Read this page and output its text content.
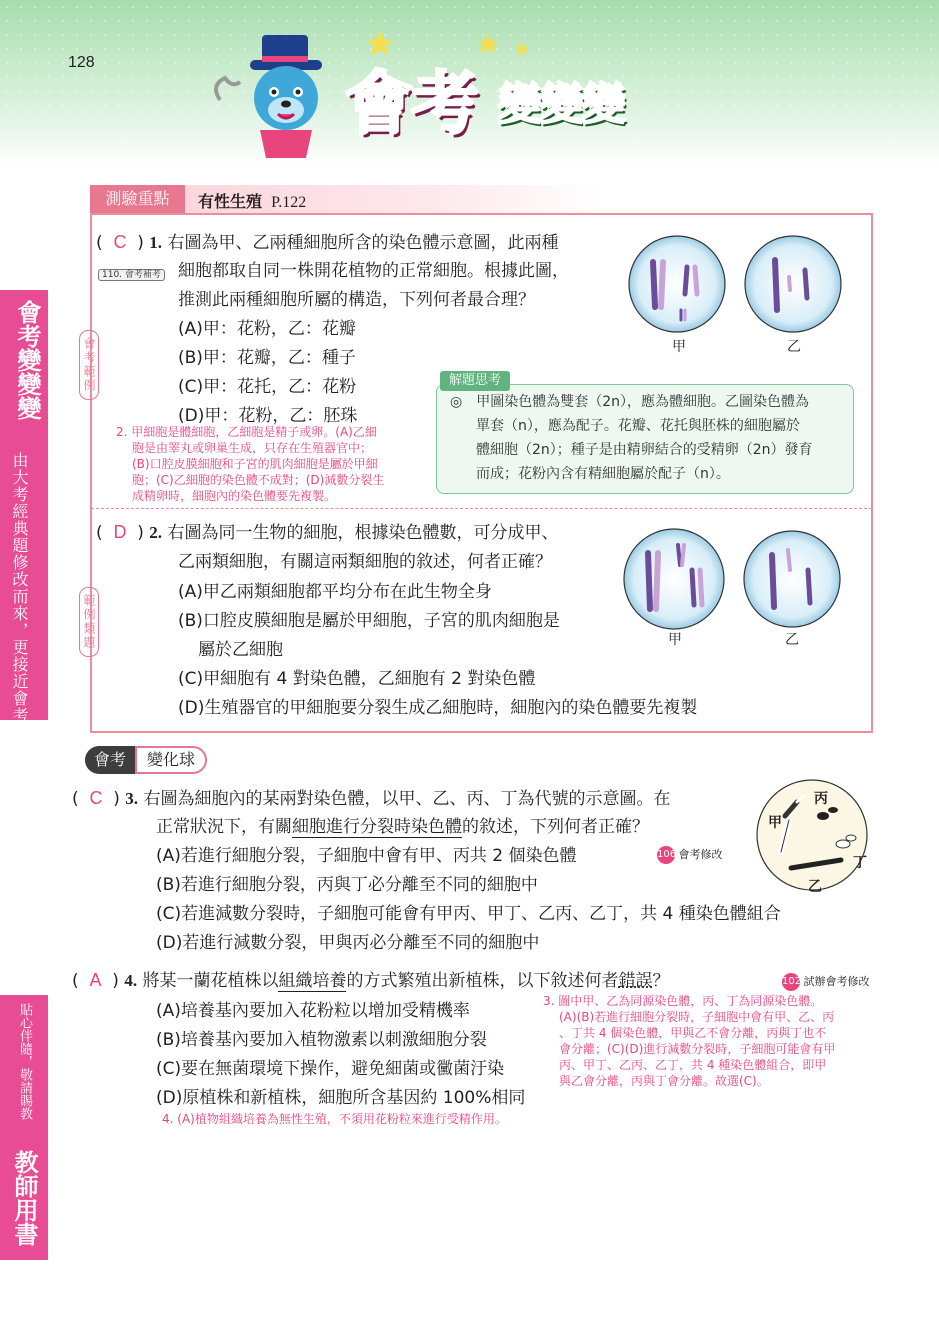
128
會考 變變變
會考變變變
由大考經典題修改而來，更接近會考趨勢
貼心伴隨，敬請賜教
教師用書
測驗重點	有性生殖 P.122
會考範例
(  C  ) 1. 右圖為甲、乙兩種細胞所含的染色體示意圖，此兩種
110. 會考補考 細胞都取自同一株開花植物的正常細胞。根據此圖，
推測此兩種細胞所屬的構造，下列何者最合理？
(A)甲：花粉，乙：花瓣
(B)甲：花瓣，乙：種子
(C)甲：花托，乙：花粉
(D)甲：花粉，乙：胚珠
甲	乙
解題思考
◎　甲圖染色體為雙套（2n），應為體細胞。乙圖染色體為
單套（n），應為配子。花瓣、花托與胚株的細胞屬於
體細胞（2n）；種子是由精卵結合的受精卵（2n）發育
而成；花粉內含有精細胞屬於配子（n）。
2. 甲細胞是體細胞，乙細胞是精子或卵。(A)乙細
胞是由睪丸或卵巢生成，只存在生殖器官中；
(B)口腔皮膜細胞和子宮的肌肉細胞是屬於甲細
胞；(C)乙細胞的染色體不成對；(D)減數分裂生
成精卵時，細胞內的染色體要先複製。
範例類題
(  D  ) 2. 右圖為同一生物的細胞，根據染色體數，可分成甲、
乙兩類細胞，有關這兩類細胞的敘述，何者正確？
(A)甲乙兩類細胞都平均分布在此生物全身
(B)口腔皮膜細胞是屬於甲細胞，子宮的肌肉細胞是
屬於乙細胞
(C)甲細胞有 4 對染色體，乙細胞有 2 對染色體
(D)生殖器官的甲細胞要分裂生成乙細胞時，細胞內的染色體要先複製
甲	乙
會考	變化球
(  C  ) 3. 右圖為細胞內的某兩對染色體，以甲、乙、丙、丁為代號的示意圖。在
正常狀況下，有關細胞進行分裂時染色體的敘述，下列何者正確？
(A)若進行細胞分裂，子細胞中會有甲、丙共 2 個染色體	106 會考修改
(B)若進行細胞分裂，丙與丁必分離至不同的細胞中
(C)若進減數分裂時，子細胞可能會有甲丙、甲丁、乙丙、乙丁，共 4 種染色體組合
(D)若進行減數分裂，甲與丙必分離至不同的細胞中
丙
甲
丁
乙
(  A  ) 4. 將某一蘭花植株以組織培養的方式繁殖出新植株，以下敘述何者錯誤？	102 試辦會考修改
(A)培養基內要加入花粉粒以增加受精機率
(B)培養基內要加入植物激素以刺激細胞分裂
(C)要在無菌環境下操作，避免細菌或黴菌汙染
(D)原植株和新植株，細胞所含基因約 100%相同
4. (A)植物組織培養為無性生殖，不須用花粉粒來進行受精作用。
3. 圖中甲、乙為同源染色體，丙、丁為同源染色體。
(A)(B)若進行細胞分裂時，子細胞中會有甲、乙、丙
、丁共 4 個染色體，甲與乙不會分離，丙與丁也不
會分離；(C)(D)進行減數分裂時，子細胞可能會有甲
丙、甲丁、乙丙、乙丁，共 4 種染色體組合，即甲
與乙會分離，丙與丁會分離。故選(C)。
